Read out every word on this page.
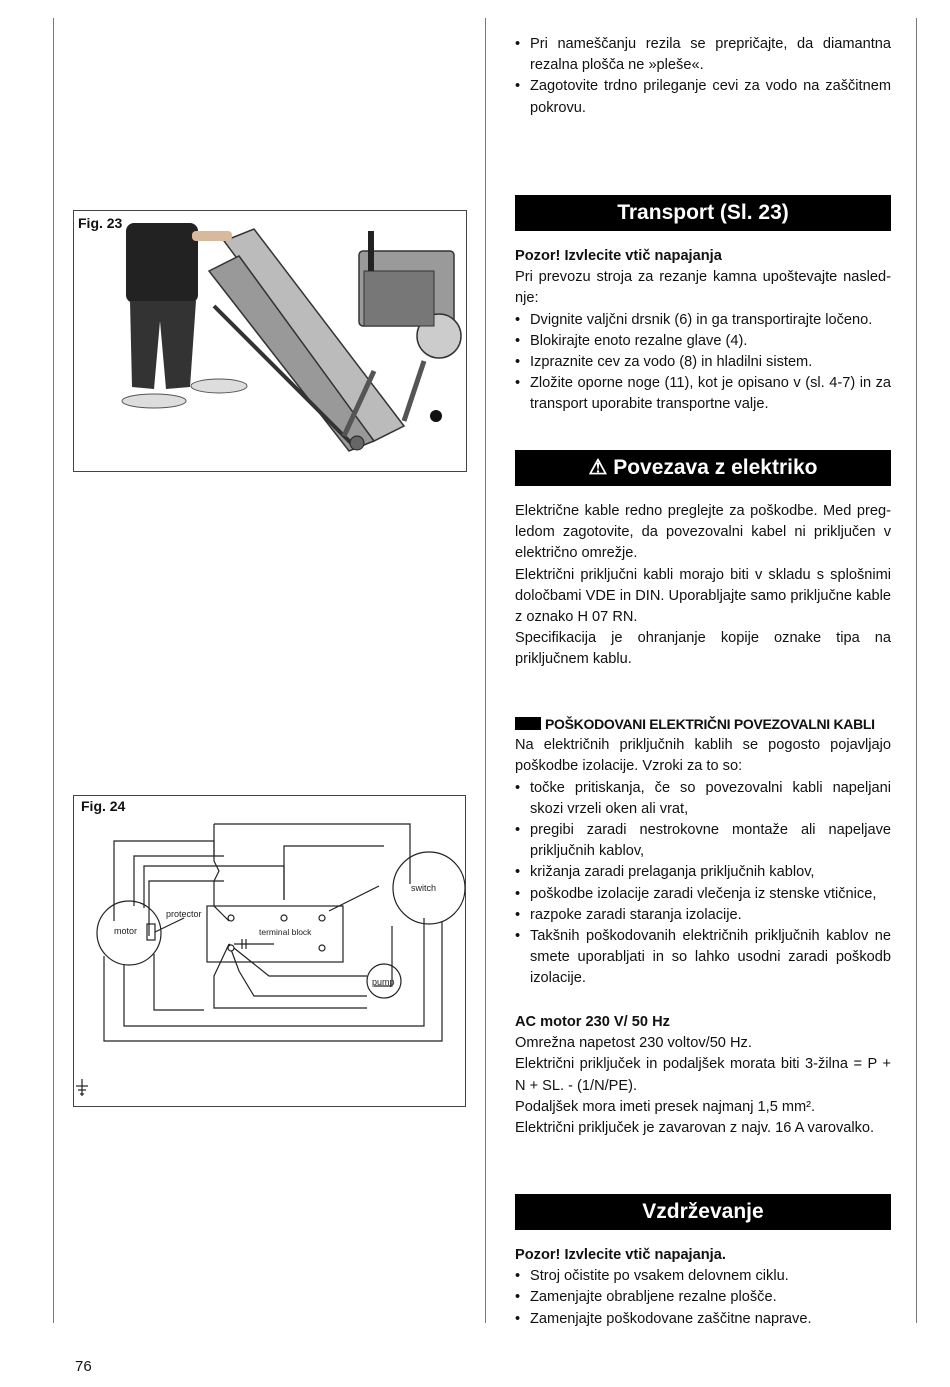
• Pri nameščanju rezila se prepričajte, da diamantna rezalna plošča ne »pleše«.
• Zagotovite trdno prileganje cevi za vodo na zaščitnem pokrovu.
Transport (Sl. 23)

Pozor! Izvlecite vtič napajanja

Pri prevozu stroja za rezanje kamna upoštevajte naslednje:

• Dvignite valjčni drsnik (6) in ga transportirajte ločeno.
• Blokirajte enoto rezalne glave (4).
• Izpraznite cev za vodo (8) in hladilni sistem.
• Zložite oporne noge (11), kot je opisano v (sl. 4-7) in za transport uporabite transportne valje.
Fig. 23
⚠ Povezava z elektriko

Električne kable redno preglejte za poškodbe. Med pregledom zagotovite, da povezovalni kabel ni priključen v električno omrežje.

Električni priključni kabli morajo biti v skladu s splošnimi določbami VDE in DIN. Uporabljajte samo priključne kable z oznako H 07 RN.

Specifikacija je ohranjanje kopije oznake tipa na priključnem kablu.

POŠKODOVANI ELEKTRIČNI POVEZOVALNI KABLI

Na električnih priključnih kablih se pogosto pojavljajo poškodbe izolacije. Vzroki za to so:

• točke pritiskanja, če so povezovalni kabli napeljani skozi vrzeli oken ali vrat,
• pregibi zaradi nestrokovne montaže ali napeljave priključnih kablov,
• križanja zaradi prelaganja priključnih kablov,
• poškodbe izolacije zaradi vlečenja iz stenske vtičnice,
• razpoke zaradi staranja izolacije.
• Takšnih poškodovanih električnih priključnih kablov ne smete uporabljati in so lahko usodni zaradi poškodb izolacije.

AC motor 230 V/ 50 Hz

Omrežna napetost 230 voltov/50 Hz.

Električni priključek in podaljšek morata biti 3-žilna = P + N + SL. - (1/N/PE).

Podaljšek mora imeti presek najmanj 1,5 mm².

Električni priključek je zavarovan z najv. 16 A varovalko.

Fig. 24
motor
protector
terminal block
switch
pump
Vzdrževanje

Pozor! Izvlecite vtič napajanja.

• Stroj očistite po vsakem delovnem ciklu.
• Zamenjajte obrabljene rezalne plošče.
• Zamenjajte poškodovane zaščitne naprave.
76
